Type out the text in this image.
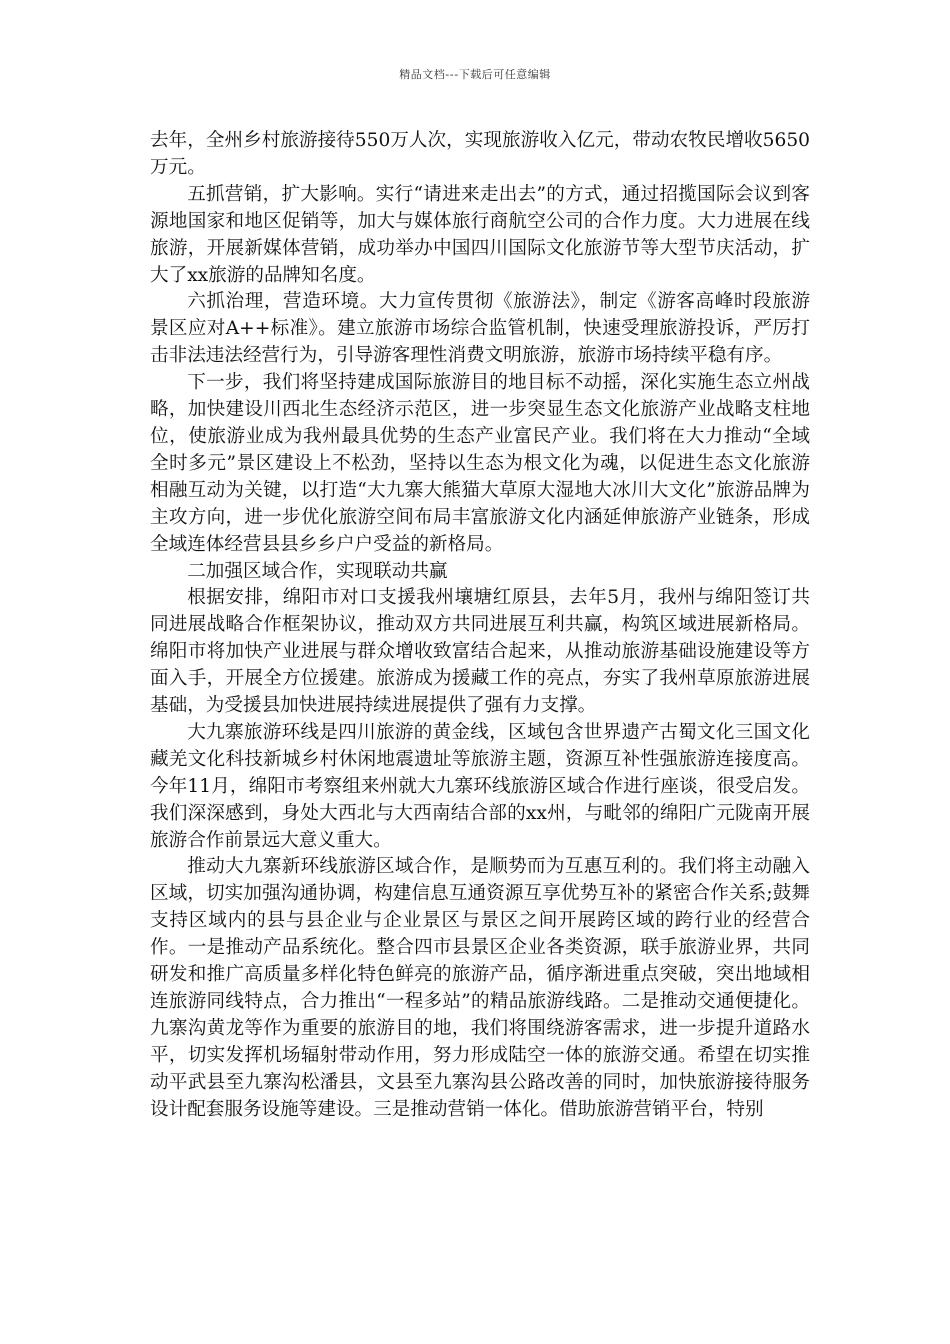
精品文档---下载后可任意编辑

去年，全州乡村旅游接待550万人次，实现旅游收入亿元，带动农牧民增收5650万元。

五抓营销，扩大影响。实行“请进来走出去”的方式，通过招揽国际会议到客源地国家和地区促销等，加大与媒体旅行商航空公司的合作力度。大力进展在线旅游，开展新媒体营销，成功举办中国四川国际文化旅游节等大型节庆活动，扩大了xx旅游的品牌知名度。

六抓治理，营造环境。大力宣传贯彻《旅游法》，制定《游客高峰时段旅游景区应对A++标准》。建立旅游市场综合监管机制，快速受理旅游投诉，严厉打击非法违法经营行为，引导游客理性消费文明旅游，旅游市场持续平稳有序。

下一步，我们将坚持建成国际旅游目的地目标不动摇，深化实施生态立州战略，加快建设川西北生态经济示范区，进一步突显生态文化旅游产业战略支柱地位，使旅游业成为我州最具优势的生态产业富民产业。我们将在大力推动“全域全时多元”景区建设上不松劲，坚持以生态为根文化为魂，以促进生态文化旅游相融互动为关键，以打造“大九寨大熊猫大草原大湿地大冰川大文化”旅游品牌为主攻方向，进一步优化旅游空间布局丰富旅游文化内涵延伸旅游产业链条，形成全域连体经营县县乡乡户户受益的新格局。

二加强区域合作，实现联动共赢

根据安排，绵阳市对口支援我州壤塘红原县，去年5月，我州与绵阳签订共同进展战略合作框架协议，推动双方共同进展互利共赢，构筑区域进展新格局。绵阳市将加快产业进展与群众增收致富结合起来，从推动旅游基础设施建设等方面入手，开展全方位援建。旅游成为援藏工作的亮点，夯实了我州草原旅游进展基础，为受援县加快进展持续进展提供了强有力支撑。

大九寨旅游环线是四川旅游的黄金线，区域包含世界遗产古蜀文化三国文化藏羌文化科技新城乡村休闲地震遗址等旅游主题，资源互补性强旅游连接度高。今年11月，绵阳市考察组来州就大九寨环线旅游区域合作进行座谈，很受启发。我们深深感到，身处大西北与大西南结合部的xx州，与毗邻的绵阳广元陇南开展旅游合作前景远大意义重大。

推动大九寨新环线旅游区域合作，是顺势而为互惠互利的。我们将主动融入区域，切实加强沟通协调，构建信息互通资源互享优势互补的紧密合作关系;鼓舞支持区域内的县与县企业与企业景区与景区之间开展跨区域的跨行业的经营合作。一是推动产品系统化。整合四市县景区企业各类资源，联手旅游业界，共同研发和推广高质量多样化特色鲜亮的旅游产品，循序渐进重点突破，突出地域相连旅游同线特点，合力推出“一程多站”的精品旅游线路。二是推动交通便捷化。九寨沟黄龙等作为重要的旅游目的地，我们将围绕游客需求，进一步提升道路水平，切实发挥机场辐射带动作用，努力形成陆空一体的旅游交通。希望在切实推动平武县至九寨沟松潘县，文县至九寨沟县公路改善的同时，加快旅游接待服务设计配套服务设施等建设。三是推动营销一体化。借助旅游营销平台，特别
